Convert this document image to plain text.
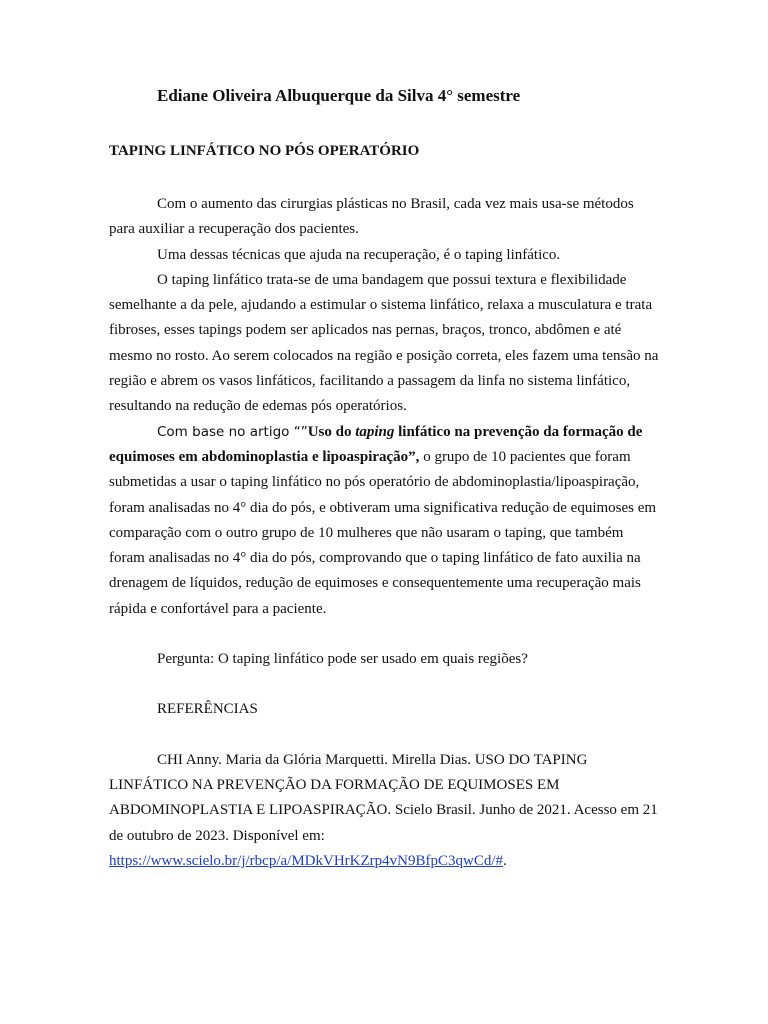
Ediane Oliveira Albuquerque da Silva 4° semestre

TAPING LINFÁTICO NO PÓS OPERATÓRIO

Com o aumento das cirurgias plásticas no Brasil, cada vez mais usa-se métodos para auxiliar a recuperação dos pacientes.

Uma dessas técnicas que ajuda na recuperação, é o taping linfático.

O taping linfático trata-se de uma bandagem que possui textura e flexibilidade semelhante a da pele, ajudando a estimular o sistema linfático, relaxa a musculatura e trata fibroses, esses tapings podem ser aplicados nas pernas, braços, tronco, abdômen e até mesmo no rosto. Ao serem colocados na região e posição correta, eles fazem uma tensão na região e abrem os vasos linfáticos, facilitando a passagem da linfa no sistema linfático, resultando na redução de edemas pós operatórios.

Com base no artigo “”Uso do taping linfático na prevenção da formação de equimoses em abdominoplastia e lipoaspiração”, o grupo de 10 pacientes que foram submetidas a usar o taping linfático no pós operatório de abdominoplastia/lipoaspiração, foram analisadas no 4° dia do pós, e obtiveram uma significativa redução de equimoses em comparação com o outro grupo de 10 mulheres que não usaram o taping, que também foram analisadas no 4° dia do pós, comprovando que o taping linfático de fato auxilia na drenagem de líquidos, redução de equimoses e consequentemente uma recuperação mais rápida e confortável para a paciente.

Pergunta: O taping linfático pode ser usado em quais regiões?

REFERÊNCIAS

CHI Anny. Maria da Glória Marquetti. Mirella Dias. USO DO TAPING LINFÁTICO NA PREVENÇÃO DA FORMAÇÃO DE EQUIMOSES EM ABDOMINOPLASTIA E LIPOASPIRAÇÃO. Scielo Brasil. Junho de 2021. Acesso em 21 de outubro de 2023. Disponível em: https://www.scielo.br/j/rbcp/a/MDkVHrKZrp4vN9BfpC3qwCd/#.
